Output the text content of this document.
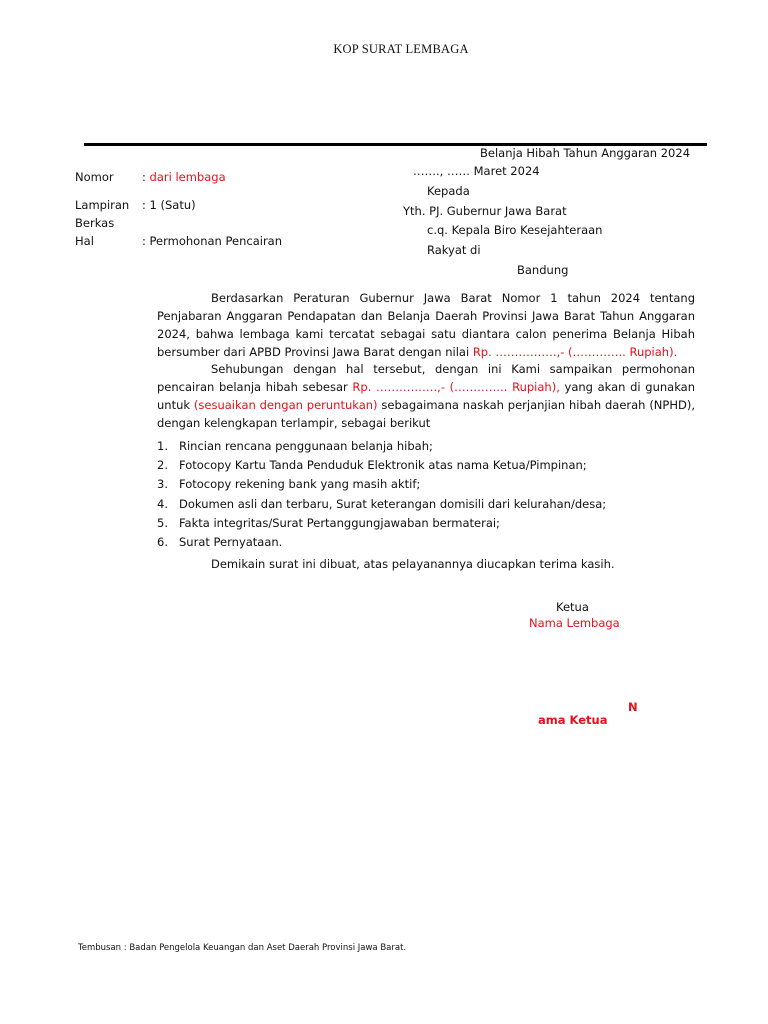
KOP SURAT LEMBAGA
Belanja Hibah Tahun Anggaran 2024
……., …… Maret 2024
Kepada
Yth. PJ. Gubernur Jawa Barat
c.q. Kepala Biro Kesejahteraan
Rakyat di
Bandung
Nomor : dari lembaga
Lampiran : 1 (Satu)
Berkas
Hal	: Permohonan Pencairan
Berdasarkan Peraturan Gubernur Jawa Barat Nomor 1 tahun 2024 tentang Penjabaran Anggaran Pendapatan dan Belanja Daerah Provinsi Jawa Barat Tahun Anggaran 2024, bahwa lembaga kami tercatat sebagai satu diantara calon penerima Belanja Hibah bersumber dari APBD Provinsi Jawa Barat dengan nilai Rp. …………….,- (………….. Rupiah).
Sehubungan dengan hal tersebut, dengan ini Kami sampaikan permohonan pencairan belanja hibah sebesar Rp. …………….,- (………….. Rupiah), yang akan di gunakan untuk (sesuaikan dengan peruntukan) sebagaimana naskah perjanjian hibah daerah (NPHD), dengan kelengkapan terlampir, sebagai berikut
1. Rincian rencana penggunaan belanja hibah;
2. Fotocopy Kartu Tanda Penduduk Elektronik atas nama Ketua/Pimpinan;
3. Fotocopy rekening bank yang masih aktif;
4. Dokumen asli dan terbaru, Surat keterangan domisili dari kelurahan/desa;
5. Fakta integritas/Surat Pertanggungjawaban bermaterai;
6. Surat Pernyataan.
Demikain surat ini dibuat, atas pelayanannya diucapkan terima kasih.
Ketua
Nama Lembaga
N
ama Ketua
Tembusan : Badan Pengelola Keuangan dan Aset Daerah Provinsi Jawa Barat.
